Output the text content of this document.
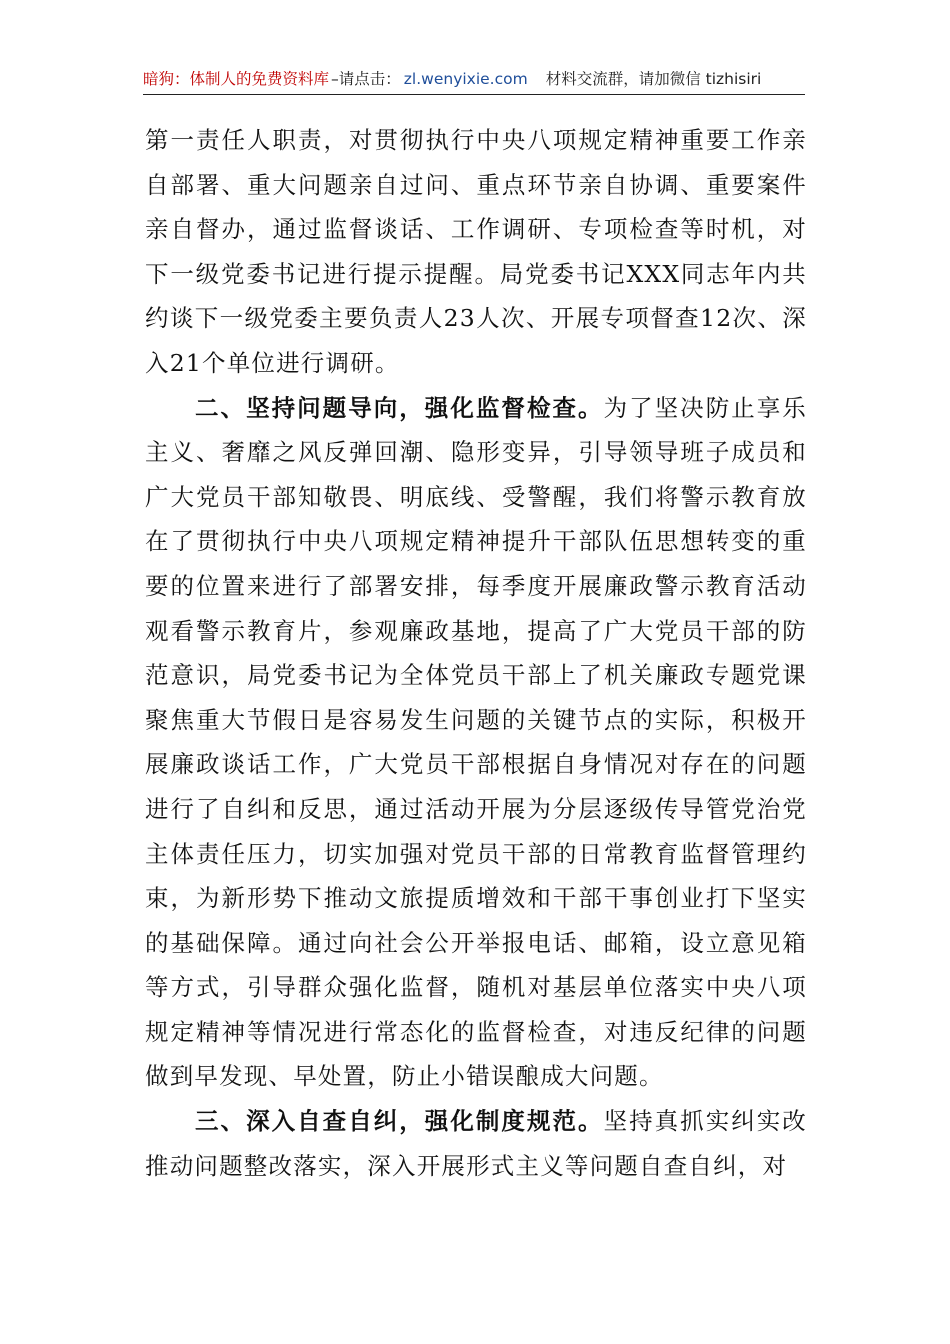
暗狗：体制人的免费资料库 –请点击： zl.wenyixie.com 材料交流群，请加微信 tizhisiri

第一责任人职责，对贯彻执行中央八项规定精神重要工作亲自部署、重大问题亲自过问、重点环节亲自协调、重要案件亲自督办，通过监督谈话、工作调研、专项检查等时机，对下一级党委书记进行提示提醒。局党委书记XXX同志年内共约谈下一级党委主要负责人23人次、开展专项督查12次、深入21个单位进行调研。

二、坚持问题导向，强化监督检查。为了坚决防止享乐主义、奢靡之风反弹回潮、隐形变异，引导领导班子成员和广大党员干部知敬畏、明底线、受警醒，我们将警示教育放在了贯彻执行中央八项规定精神提升干部队伍思想转变的重要的位置来进行了部署安排，每季度开展廉政警示教育活动观看警示教育片，参观廉政基地，提高了广大党员干部的防范意识，局党委书记为全体党员干部上了机关廉政专题党课聚焦重大节假日是容易发生问题的关键节点的实际，积极开展廉政谈话工作，广大党员干部根据自身情况对存在的问题进行了自纠和反思，通过活动开展为分层逐级传导管党治党主体责任压力，切实加强对党员干部的日常教育监督管理约束，为新形势下推动文旅提质增效和干部干事创业打下坚实的基础保障。通过向社会公开举报电话、邮箱，设立意见箱等方式，引导群众强化监督，随机对基层单位落实中央八项规定精神等情况进行常态化的监督检查，对违反纪律的问题做到早发现、早处置，防止小错误酿成大问题。

三、深入自查自纠，强化制度规范。坚持真抓实纠实改推动问题整改落实，深入开展形式主义等问题自查自纠，对
